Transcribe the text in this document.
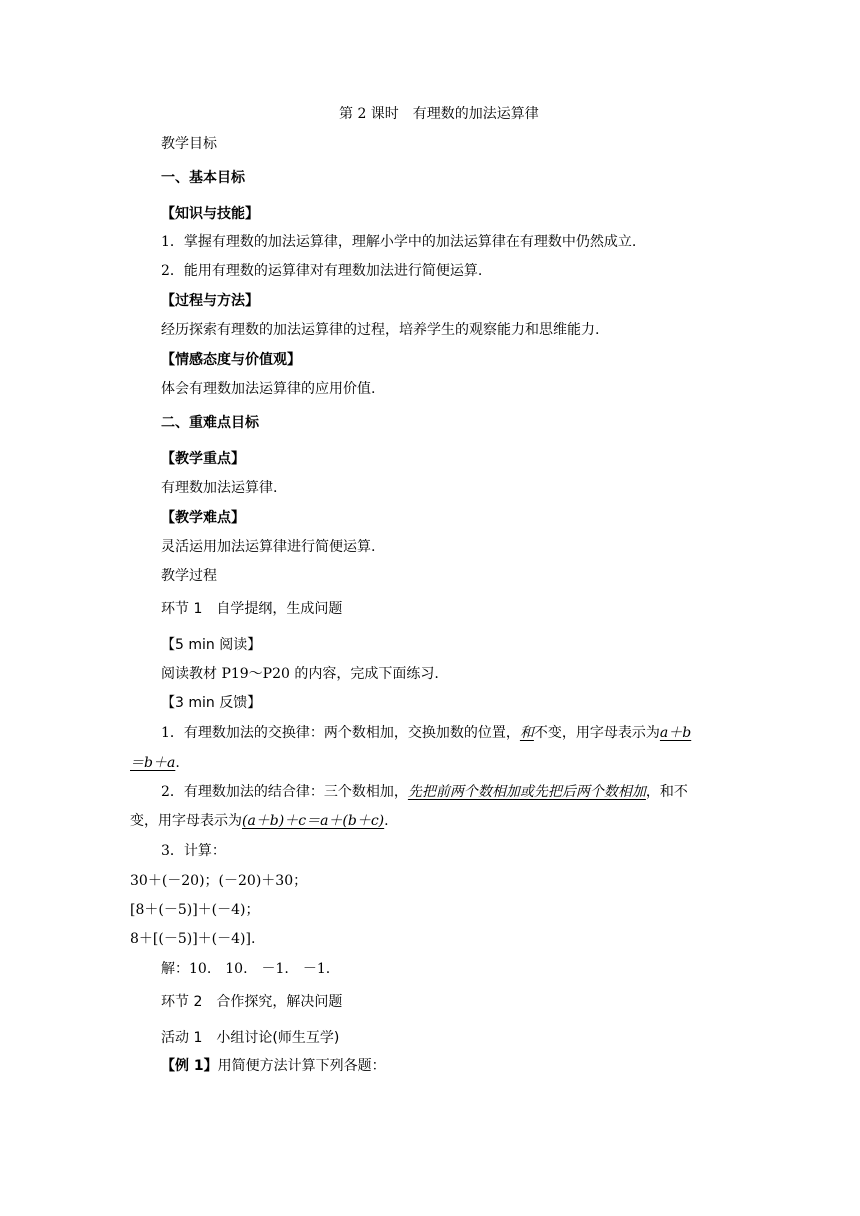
第 2 课时　有理数的加法运算律
教学目标
一、基本目标
【知识与技能】
1．掌握有理数的加法运算律，理解小学中的加法运算律在有理数中仍然成立.
2．能用有理数的运算律对有理数加法进行简便运算.
【过程与方法】
经历探索有理数的加法运算律的过程，培养学生的观察能力和思维能力.
【情感态度与价值观】
体会有理数加法运算律的应用价值.
二、重难点目标
【教学重点】
有理数加法运算律.
【教学难点】
灵活运用加法运算律进行简便运算.
教学过程
环节 1　自学提纲，生成问题
【5 min 阅读】
阅读教材 P19～P20 的内容，完成下面练习.
【3 min 反馈】
1．有理数加法的交换律：两个数相加，交换加数的位置，和不变，用字母表示为a＋b
＝b＋a.
2．有理数加法的结合律：三个数相加，先把前两个数相加或先把后两个数相加，和不
变，用字母表示为(a＋b)＋c＝a＋(b＋c).
3．计算：
30＋(－20)；(－20)＋30；
[8＋(－5)]＋(－4)；
8＋[(－5)]＋(－4)].
解：10.　10.　－1.　－1.
环节 2　合作探究，解决问题
活动 1　小组讨论(师生互学)
【例 1】用简便方法计算下列各题：
